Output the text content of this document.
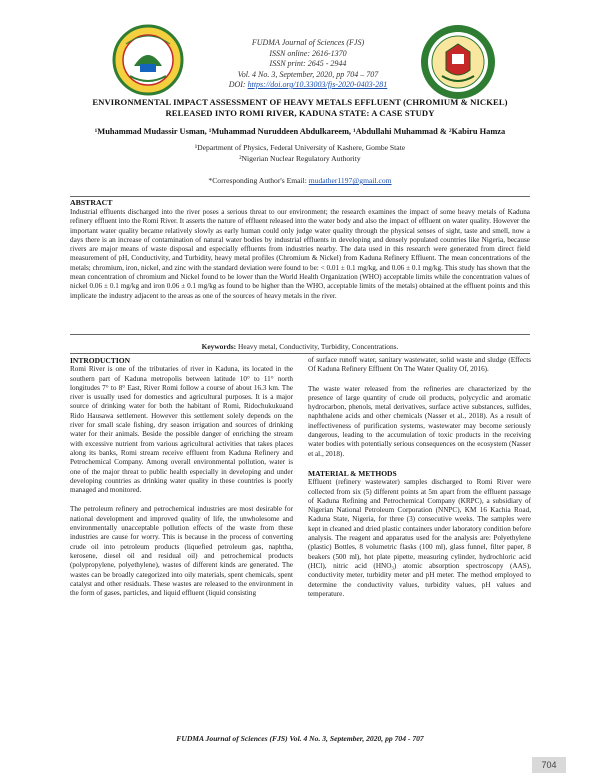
FUDMA Journal of Sciences (FJS)
ISSN online: 2616-1370
ISSN print: 2645 - 2944
Vol. 4 No. 3, September, 2020, pp 704 – 707
DOI: https://doi.org/10.33003/fjs-2020-0403-281
ENVIRONMENTAL IMPACT ASSESSMENT OF HEAVY METALS EFFLUENT (CHROMIUM & NICKEL)
RELEASED INTO ROMI RIVER, KADUNA STATE: A CASE STUDY
¹Muhammad Mudassir Usman, ¹Muhammad Nuruddeen Abdulkareem, ¹Abdullahi Muhammad & ²Kabiru Hamza
¹Department of Physics, Federal University of Kashere, Gombe State
²Nigerian Nuclear Regulatory Authority
*Corresponding Author's Email: mudather1197@gmail.com
ABSTRACT
Industrial effluents discharged into the river poses a serious threat to our environment; the research examines the impact of some heavy metals of Kaduna refinery effluent into the Romi River. It asserts the nature of effluent released into the water body and also the impact of effluent on water quality. However the important water quality became relatively slowly as early human could only judge water quality through the physical senses of sight, taste and smell, now a days there is an increase of contamination of natural water bodies by industrial effluents in developing and densely populated countries like Nigeria, because rivers are major means of waste disposal and especially effluents from industries nearby. The data used in this research were generated from direct field measurement of pH, Conductivity, and Turbidity, heavy metal profiles (Chromium & Nickel) from Kaduna Refinery Effluent. The mean concentrations of the metals; chromium, iron, nickel, and zinc with the standard deviation were found to be: < 0.01 ± 0.1 mg/kg, and 0.06 ± 0.1 mg/kg. This study has shown that the mean concentration of chromium and Nickel found to be lower than the World Health Organization (WHO) acceptable limits while the concentration values of nickel 0.06 ± 0.1 mg/kg and iron 0.06 ± 0.1 mg/kg as found to be higher than the WHO, acceptable limits of the metals) obtained at the effluent points and this implicate the industry adjacent to the areas as one of the sources of heavy metals in the river.
Keywords: Heavy metal, Conductivity, Turbidity, Concentrations.
INTRODUCTION

Romi River is one of the tributaries of river in Kaduna, its located in the southern part of Kaduna metropolis between latitude 10° to 11° north longitudes 7° to 8° East, River Romi follow a course of about 16.3 km. The river is usually used for domestics and agricultural purposes. It is a major source of drinking water for both the habitant of Romi, Ridochukukuand Rido Hausawa settlement. However this settlement solely depends on the river for small scale fishing, dry season irrigation and sources of drinking water for their animals. Beside the possible danger of enriching the stream with excessive nutrient from various agricultural activities that takes places along its banks, Romi stream receive effluent from Kaduna Refinery and Petrochemical Company. Among overall environmental pollution, water is one of the major threat to public health especially in developing and under developing countries as drinking water quality in these countries is poorly managed and monitored.

The petroleum refinery and petrochemical industries are most desirable for national development and improved quality of life, the unwholesome and environmentally unacceptable pollution effects of the waste from these industries are cause for worry. This is because in the process of converting crude oil into petroleum products (liquefied petroleum gas, naphtha, kerosene, diesel oil and residual oil) and petrochemical products (polypropylene, polyethylene), wastes of different kinds are generated. The wastes can be broadly categorized into oily materials, spent chemicals, spent catalyst and other residuals. These wastes are released to the environment in the form of gases, particles, and liquid effluent (liquid consisting

of surface runoff water, sanitary wastewater, solid waste and sludge (Effects Of Kaduna Refinery Effluent On The Water Quality Of, 2016).

The waste water released from the refineries are characterized by the presence of large quantity of crude oil products, polycyclic and aromatic hydrocarbon, phenols, metal derivatives, surface active substances, sulfides, naphthalene acids and other chemicals (Nasser et al., 2018). As a result of ineffectiveness of purification systems, wastewater may become seriously dangerous, leading to the accumulation of toxic products in the receiving water bodies with potentially serious consequences on the ecosystem (Nasser et al., 2018).

MATERIAL & METHODS

Effluent (refinery wastewater) samples discharged to Romi River were collected from six (5) different points at 5m apart from the effluent passage of Kaduna Refining and Petrochemical Company (KRPC), a subsidiary of Nigerian National Petroleum Corporation (NNPC), KM 16 Kachia Road, Kaduna State, Nigeria, for three (3) consecutive weeks. The samples were kept in cleaned and dried plastic containers under laboratory condition before analysis. The reagent and apparatus used for the analysis are: Polyethylene (plastic) Bottles, 8 volumetric flasks (100 ml), glass funnel, filter paper, 8 beakers (500 ml), hot plate pipette, measuring cylinder, hydrochloric acid (HCl), nitric acid (HNO₃) atomic absorption spectroscopy (AAS), conductivity meter, turbidity meter and pH meter. The method employed to determine the conductivity values, turbidity values, pH values and temperature.

FUDMA Journal of Sciences (FJS) Vol. 4 No. 3, September, 2020, pp 704 - 707
704
